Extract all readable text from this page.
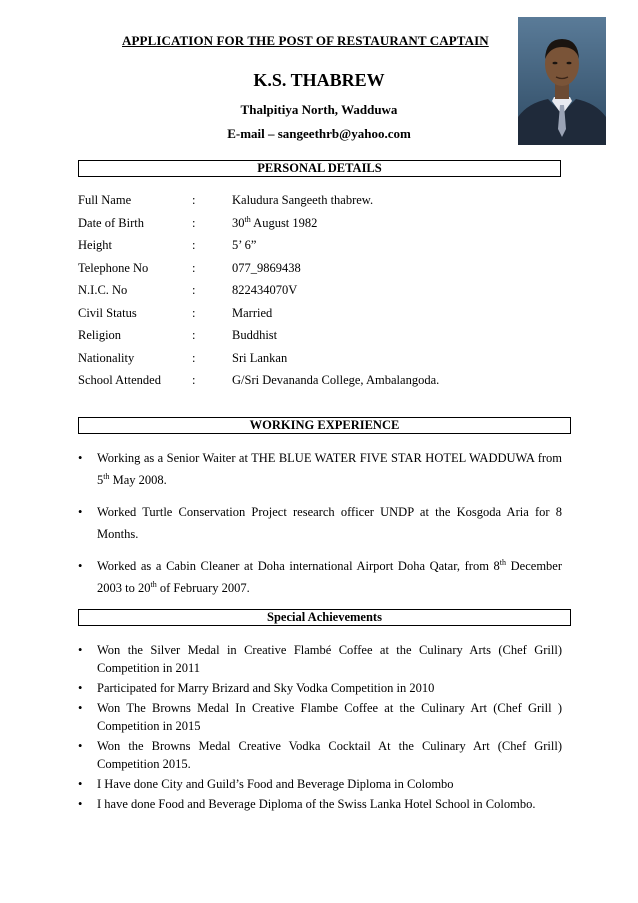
APPLICATION FOR THE POST OF RESTAURANT CAPTAIN
K.S. THABREW
Thalpitiya North, Wadduwa
E-mail – sangeethrb@yahoo.com
PERSONAL DETAILS
Full Name	:	Kaludura Sangeeth thabrew.
Date of Birth	:	30th August 1982
Height	:	5’ 6”
Telephone No	:	077_9869438
N.I.C. No	:	822434070V
Civil Status	:	Married
Religion	:	Buddhist
Nationality	:	Sri Lankan
School Attended :	G/Sri Devananda College, Ambalangoda.
WORKING EXPERIENCE
• Working as a Senior Waiter at THE BLUE WATER FIVE STAR HOTEL WADDUWA from 5th May 2008.
• Worked Turtle Conservation Project research officer UNDP at the Kosgoda Aria for 8 Months.
• Worked as a Cabin Cleaner at Doha international Airport Doha Qatar, from 8th December 2003 to 20th of February 2007.
Special Achievements
• Won the Silver Medal in Creative Flambé Coffee at the Culinary Arts (Chef Grill) Competition in 2011
• Participated for Marry Brizard and Sky Vodka Competition in 2010
• Won The Browns Medal In Creative Flambe Coffee at the Culinary Art (Chef Grill ) Competition in 2015
• Won the Browns Medal Creative Vodka Cocktail At the Culinary Art (Chef Grill) Competition 2015.
• I Have done City and Guild’s Food and Beverage Diploma in Colombo
• I have done Food and Beverage Diploma of the Swiss Lanka Hotel School in Colombo.
